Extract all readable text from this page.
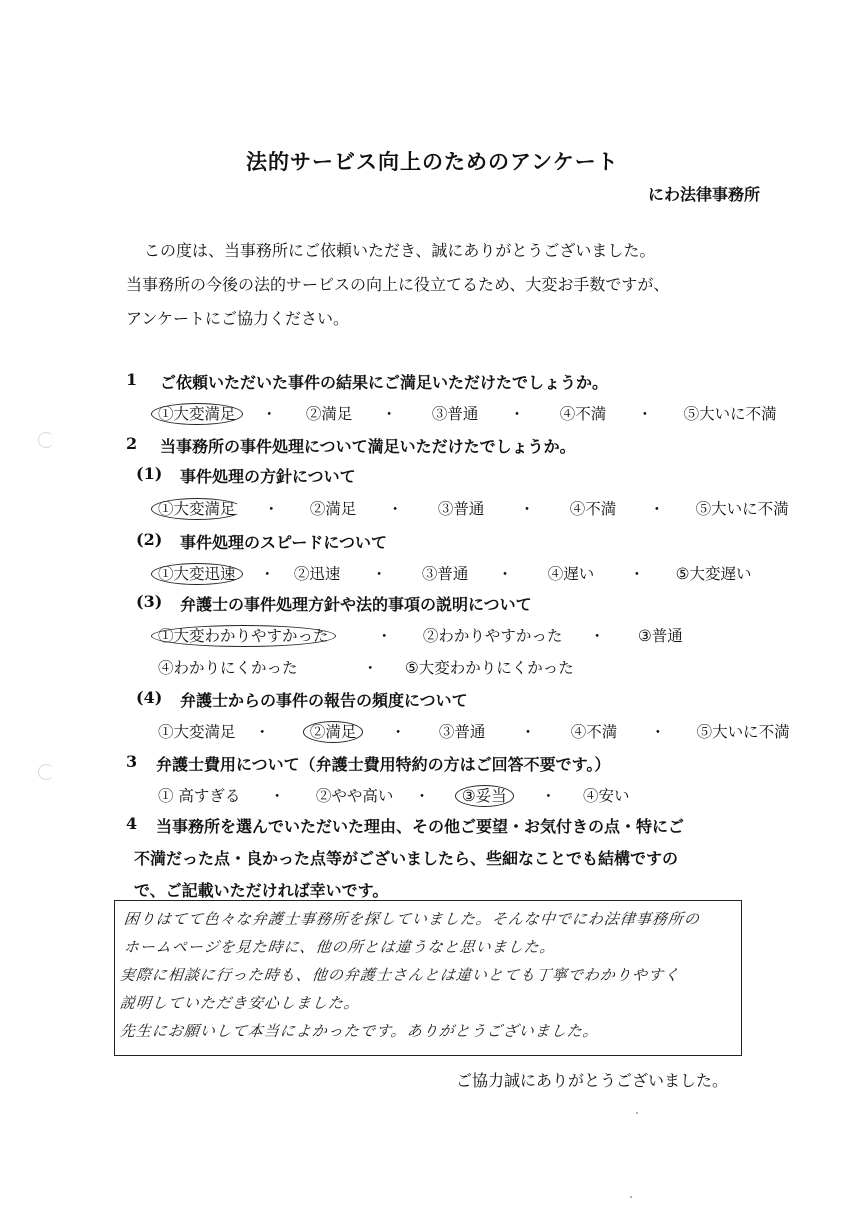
法的サービス向上のためのアンケート
にわ法律事務所
この度は、当事務所にご依頼いただき、誠にありがとうございました。
当事務所の今後の法的サービスの向上に役立てるため、大変お手数ですが、
アンケートにご協力ください。
1 ご依頼いただいた事件の結果にご満足いただけたでしょうか。
①大変満足 ・ ②満足 ・ ③普通 ・ ④不満 ・ ⑤大いに不満
2 当事務所の事件処理について満足いただけたでしょうか。
(1) 事件処理の方針について
①大変満足 ・ ②満足 ・ ③普通 ・ ④不満 ・ ⑤大いに不満
(2) 事件処理のスピードについて
①大変迅速 ・ ②迅速 ・ ③普通 ・ ④遅い ・ ⑤大変遅い
(3) 弁護士の事件処理方針や法的事項の説明について
①大変わかりやすかった	・ ②わかりやすかった ・ ③普通
④わかりにくかった	・ ⑤大変わかりにくかった
(4) 弁護士からの事件の報告の頻度について
①大変満足 ・	②満足 ・ ③普通 ・ ④不満 ・ ⑤大いに不満
3 弁護士費用について（弁護士費用特約の方はご回答不要です。）
① 高すぎる ・ ②やや高い ・ ③妥当 ・ ④安い
4 当事務所を選んでいただいた理由、その他ご要望・お気付きの点・特にご
不満だった点・良かった点等がございましたら、些細なことでも結構ですの
で、ご記載いただければ幸いです。
困りはてて色々な弁護士事務所を探していました。そんな中でにわ法律事務所の
ホームページを見た時に、他の所とは違うなと思いました。
実際に相談に行った時も、他の弁護士さんとは違いとても丁寧でわかりやすく
説明していただき安心しました。
先生にお願いして本当によかったです。ありがとうございました。
ご協力誠にありがとうございました。
